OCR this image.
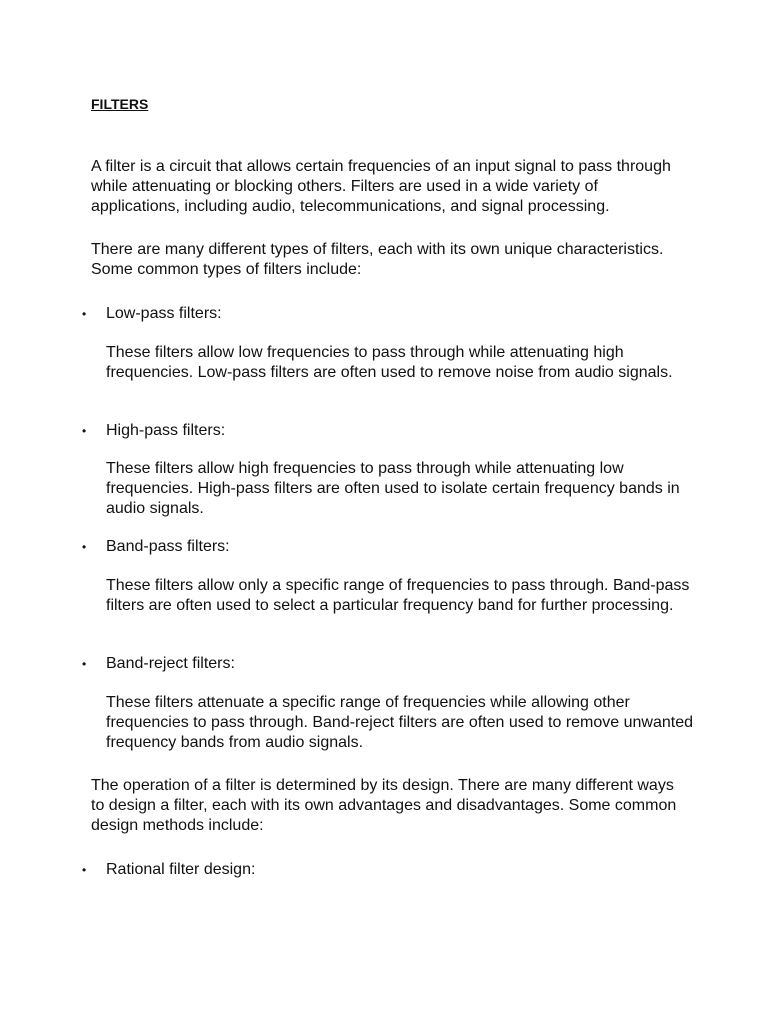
FILTERS

A filter is a circuit that allows certain frequencies of an input signal to pass through while attenuating or blocking others. Filters are used in a wide variety of applications, including audio, telecommunications, and signal processing.

There are many different types of filters, each with its own unique characteristics. Some common types of filters include:

• Low-pass filters:

These filters allow low frequencies to pass through while attenuating high frequencies. Low-pass filters are often used to remove noise from audio signals.

• High-pass filters:

These filters allow high frequencies to pass through while attenuating low frequencies. High-pass filters are often used to isolate certain frequency bands in audio signals.

• Band-pass filters:

These filters allow only a specific range of frequencies to pass through. Band-pass filters are often used to select a particular frequency band for further processing.

• Band-reject filters:

These filters attenuate a specific range of frequencies while allowing other frequencies to pass through. Band-reject filters are often used to remove unwanted frequency bands from audio signals.

The operation of a filter is determined by its design. There are many different ways to design a filter, each with its own advantages and disadvantages. Some common design methods include:

• Rational filter design:
